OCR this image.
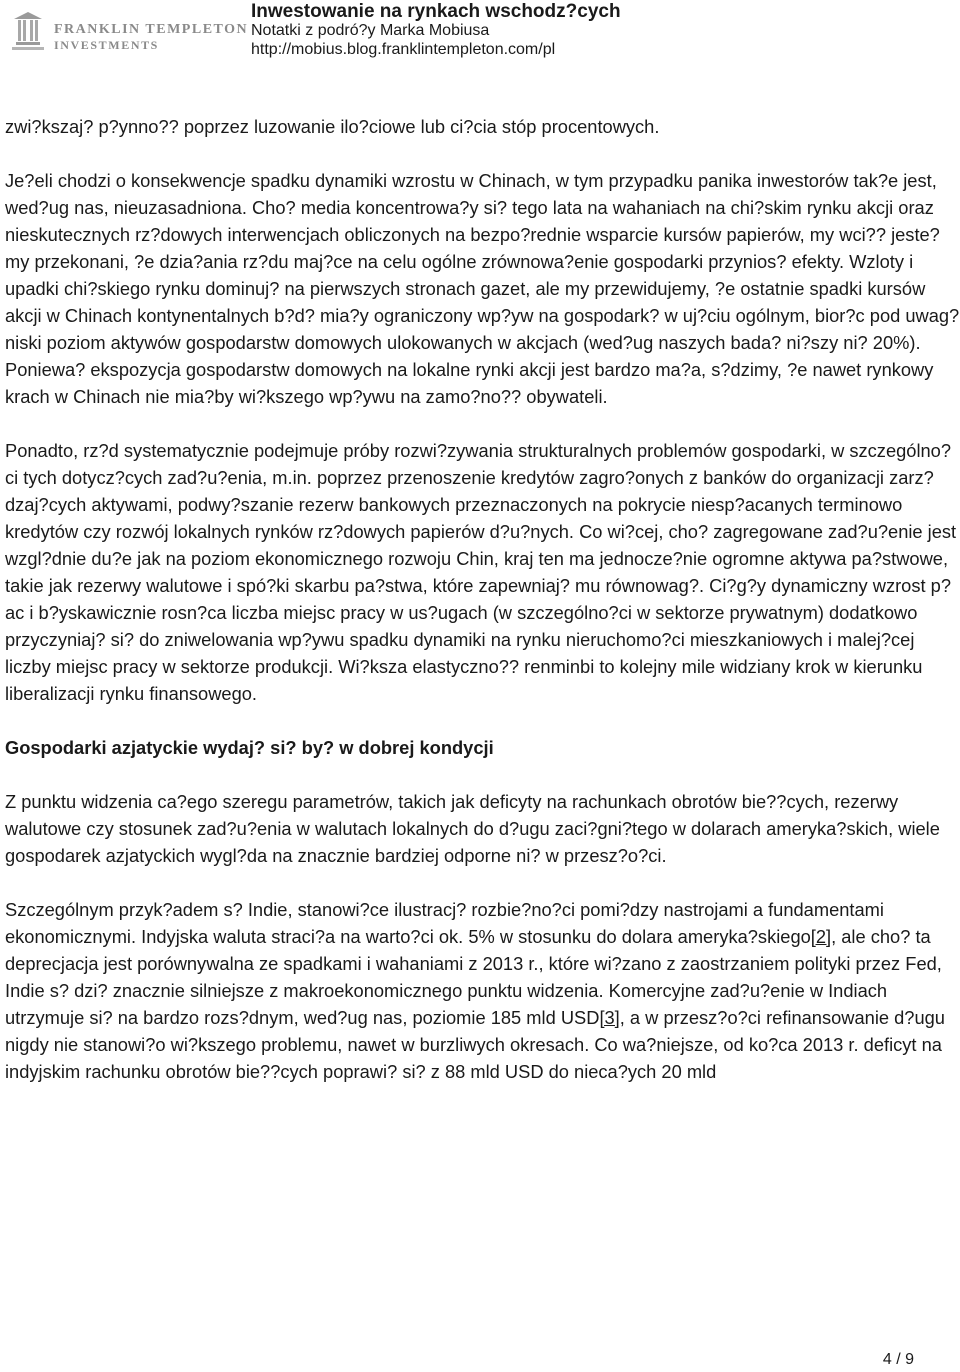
FRANKLIN TEMPLETON
INVESTMENTS
Inwestowanie na rynkach wschodz?cych
Notatki z podró?y Marka Mobiusa
http://mobius.blog.franklintempleton.com/pl

zwi?kszaj? p?ynno?? poprzez luzowanie ilo?ciowe lub ci?cia stóp procentowych.

Je?eli chodzi o konsekwencje spadku dynamiki wzrostu w Chinach, w tym przypadku panika inwestorów tak?e jest, wed?ug nas, nieuzasadniona. Cho? media koncentrowa?y si? tego lata na wahaniach na chi?skim rynku akcji oraz nieskutecznych rz?dowych interwencjach obliczonych na bezpo?rednie wsparcie kursów papierów, my wci?? jeste?my przekonani, ?e dzia?ania rz?du maj?ce na celu ogólne zrównowa?enie gospodarki przynios? efekty. Wzloty i upadki chi?skiego rynku dominuj? na pierwszych stronach gazet, ale my przewidujemy, ?e ostatnie spadki kursów akcji w Chinach kontynentalnych b?d? mia?y ograniczony wp?yw na gospodark? w uj?ciu ogólnym, bior?c pod uwag? niski poziom aktywów gospodarstw domowych ulokowanych w akcjach (wed?ug naszych bada? ni?szy ni? 20%). Poniewa? ekspozycja gospodarstw domowych na lokalne rynki akcji jest bardzo ma?a, s?dzimy, ?e nawet rynkowy krach w Chinach nie mia?by wi?kszego wp?ywu na zamo?no?? obywateli.

Ponadto, rz?d systematycznie podejmuje próby rozwi?zywania strukturalnych problemów gospodarki, w szczególno?ci tych dotycz?cych zad?u?enia, m.in. poprzez przenoszenie kredytów zagro?onych z banków do organizacji zarz?dzaj?cych aktywami, podwy?szanie rezerw bankowych przeznaczonych na pokrycie niesp?acanych terminowo kredytów czy rozwój lokalnych rynków rz?dowych papierów d?u?nych. Co wi?cej, cho? zagregowane zad?u?enie jest wzgl?dnie du?e jak na poziom ekonomicznego rozwoju Chin, kraj ten ma jednocze?nie ogromne aktywa pa?stwowe, takie jak rezerwy walutowe i spó?ki skarbu pa?stwa, które zapewniaj? mu równowag?. Ci?g?y dynamiczny wzrost p?ac i b?yskawicznie rosn?ca liczba miejsc pracy w us?ugach (w szczególno?ci w sektorze prywatnym) dodatkowo przyczyniaj? si? do zniwelowania wp?ywu spadku dynamiki na rynku nieruchomo?ci mieszkaniowych i malej?cej liczby miejsc pracy w sektorze produkcji. Wi?ksza elastyczno?? renminbi to kolejny mile widziany krok w kierunku liberalizacji rynku finansowego.

Gospodarki azjatyckie wydaj? si? by? w dobrej kondycji

Z punktu widzenia ca?ego szeregu parametrów, takich jak deficyty na rachunkach obrotów bie??cych, rezerwy walutowe czy stosunek zad?u?enia w walutach lokalnych do d?ugu zaci?gni?tego w dolarach ameryka?skich, wiele gospodarek azjatyckich wygl?da na znacznie bardziej odporne ni? w przesz?o?ci.

Szczególnym przyk?adem s? Indie, stanowi?ce ilustracj? rozbie?no?ci pomi?dzy nastrojami a fundamentami ekonomicznymi. Indyjska waluta straci?a na warto?ci ok. 5% w stosunku do dolara ameryka?skiego[2], ale cho? ta deprecjacja jest porównywalna ze spadkami i wahaniami z 2013 r., które wi?zano z zaostrzaniem polityki przez Fed, Indie s? dzi? znacznie silniejsze z makroekonomicznego punktu widzenia. Komercyjne zad?u?enie w Indiach utrzymuje si? na bardzo rozs?dnym, wed?ug nas, poziomie 185 mld USD[3], a w przesz?o?ci refinansowanie d?ugu nigdy nie stanowi?o wi?kszego problemu, nawet w burzliwych okresach. Co wa?niejsze, od ko?ca 2013 r. deficyt na indyjskim rachunku obrotów bie??cych poprawi? si? z 88 mld USD do nieca?ych 20 mld

4 / 9
